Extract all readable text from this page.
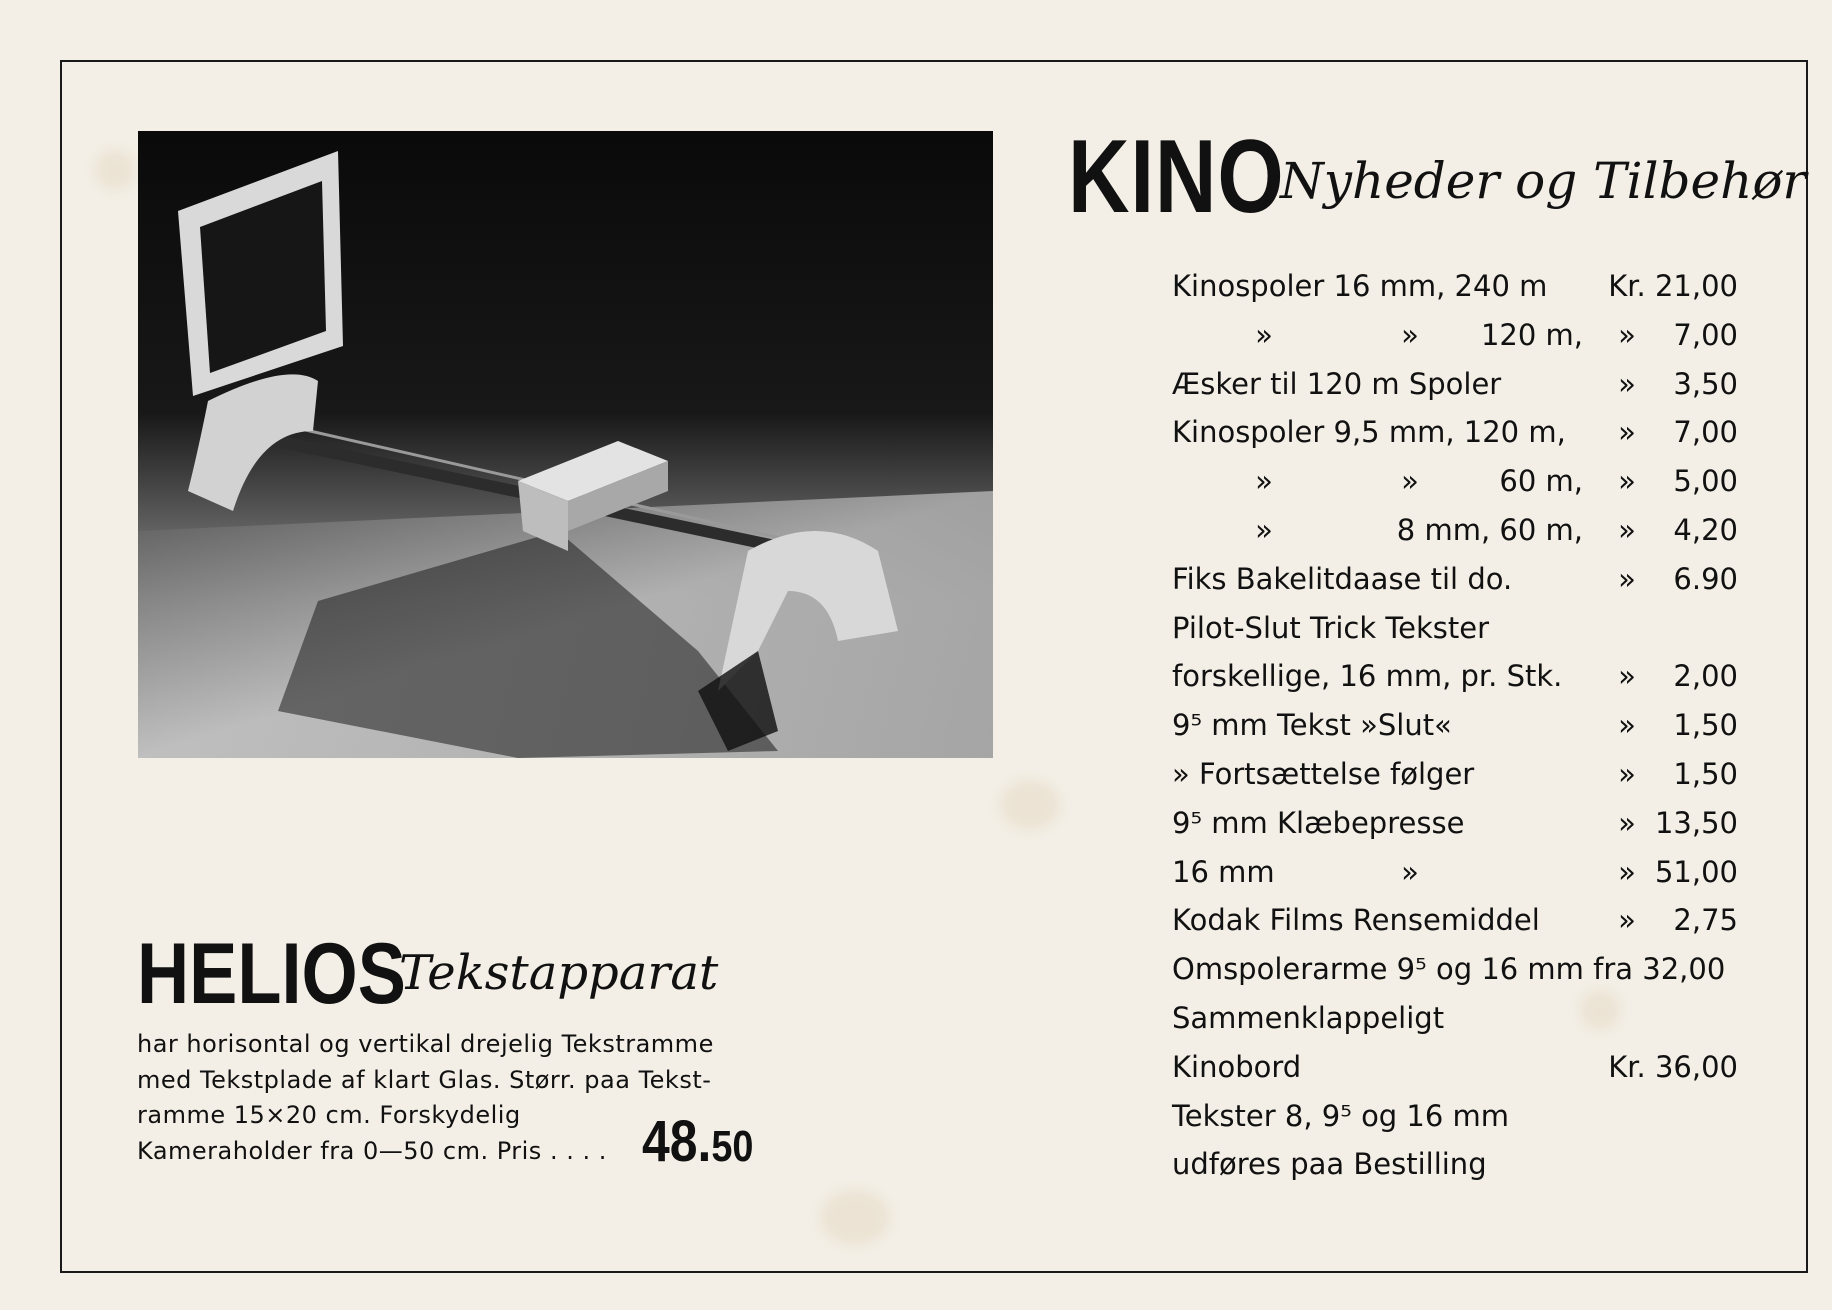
KINO
Nyheder og Tilbehør
Kinospoler 16 mm, 240 m Kr. 21,00
»	»	120 m, » 7,00
Æsker til 120 m Spoler	» 3,50
Kinospoler 9,5 mm, 120 m, » 7,00
»	»	60 m, » 5,00
»	8 mm, 60 m, » 4,20
Fiks Bakelitdaase til do.	» 6.90
Pilot-Slut Trick Tekster
forskellige, 16 mm, pr. Stk. » 2,00
9⁵ mm Tekst »Slut«	» 1,50
» Fortsættelse følger	» 1,50
9⁵ mm Klæbepresse	» 13,50
16 mm	»	» 51,00
Kodak Films Rensemiddel	» 2,75
Omspolerarme 9⁵ og 16 mm fra 32,00
Sammenklappeligt
Kinobord	Kr. 36,00
Tekster 8, 9⁵ og 16 mm
udføres paa Bestilling
HELIOS
Tekstapparat
har horisontal og vertikal drejelig Tekstramme
med Tekstplade af klart Glas. Størr. paa Tekst-
ramme 15×20 cm. Forskydelig
Kameraholder fra 0—50 cm. Pris . . . . 48.50
